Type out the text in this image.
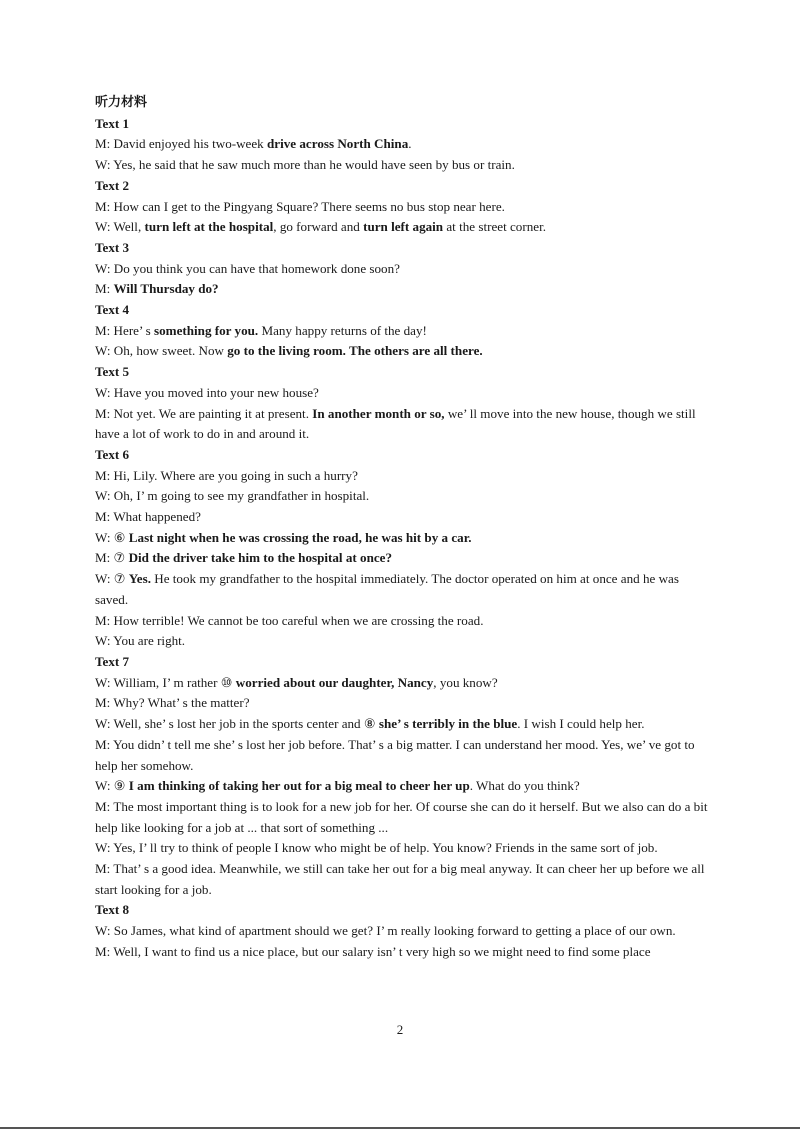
听力材料
Text 1
M: David enjoyed his two-week drive across North China.
W: Yes, he said that he saw much more than he would have seen by bus or train.
Text 2
M: How can I get to the Pingyang Square? There seems no bus stop near here.
W: Well, turn left at the hospital, go forward and turn left again at the street corner.
Text 3
W: Do you think you can have that homework done soon?
M: Will Thursday do?
Text 4
M: Here’ s something for you. Many happy returns of the day!
W: Oh, how sweet. Now go to the living room. The others are all there.
Text 5
W: Have you moved into your new house?
M: Not yet. We are painting it at present. In another month or so, we’ ll move into the new house, though we still have a lot of work to do in and around it.
Text 6
M: Hi, Lily. Where are you going in such a hurry?
W: Oh, I’ m going to see my grandfather in hospital.
M: What happened?
W: ⑥ Last night when he was crossing the road, he was hit by a car.
M: ⑦ Did the driver take him to the hospital at once?
W: ⑦ Yes. He took my grandfather to the hospital immediately. The doctor operated on him at once and he was saved.
M: How terrible! We cannot be too careful when we are crossing the road.
W: You are right.
Text 7
W: William, I’ m rather ⑩ worried about our daughter, Nancy, you know?
M: Why? What’ s the matter?
W: Well, she’ s lost her job in the sports center and ⑧ she’ s terribly in the blue. I wish I could help her.
M: You didn’ t tell me she’ s lost her job before. That’ s a big matter. I can understand her mood. Yes, we’ ve got to help her somehow.
W: ⑨ I am thinking of taking her out for a big meal to cheer her up. What do you think?
M: The most important thing is to look for a new job for her. Of course she can do it herself. But we also can do a bit help like looking for a job at ... that sort of something ...
W: Yes, I’ ll try to think of people I know who might be of help. You know? Friends in the same sort of job.
M: That’ s a good idea. Meanwhile, we still can take her out for a big meal anyway. It can cheer her up before we all start looking for a job.
Text 8
W: So James, what kind of apartment should we get? I’ m really looking forward to getting a place of our own.
M: Well, I want to find us a nice place, but our salary isn’ t very high so we might need to find some place
2
